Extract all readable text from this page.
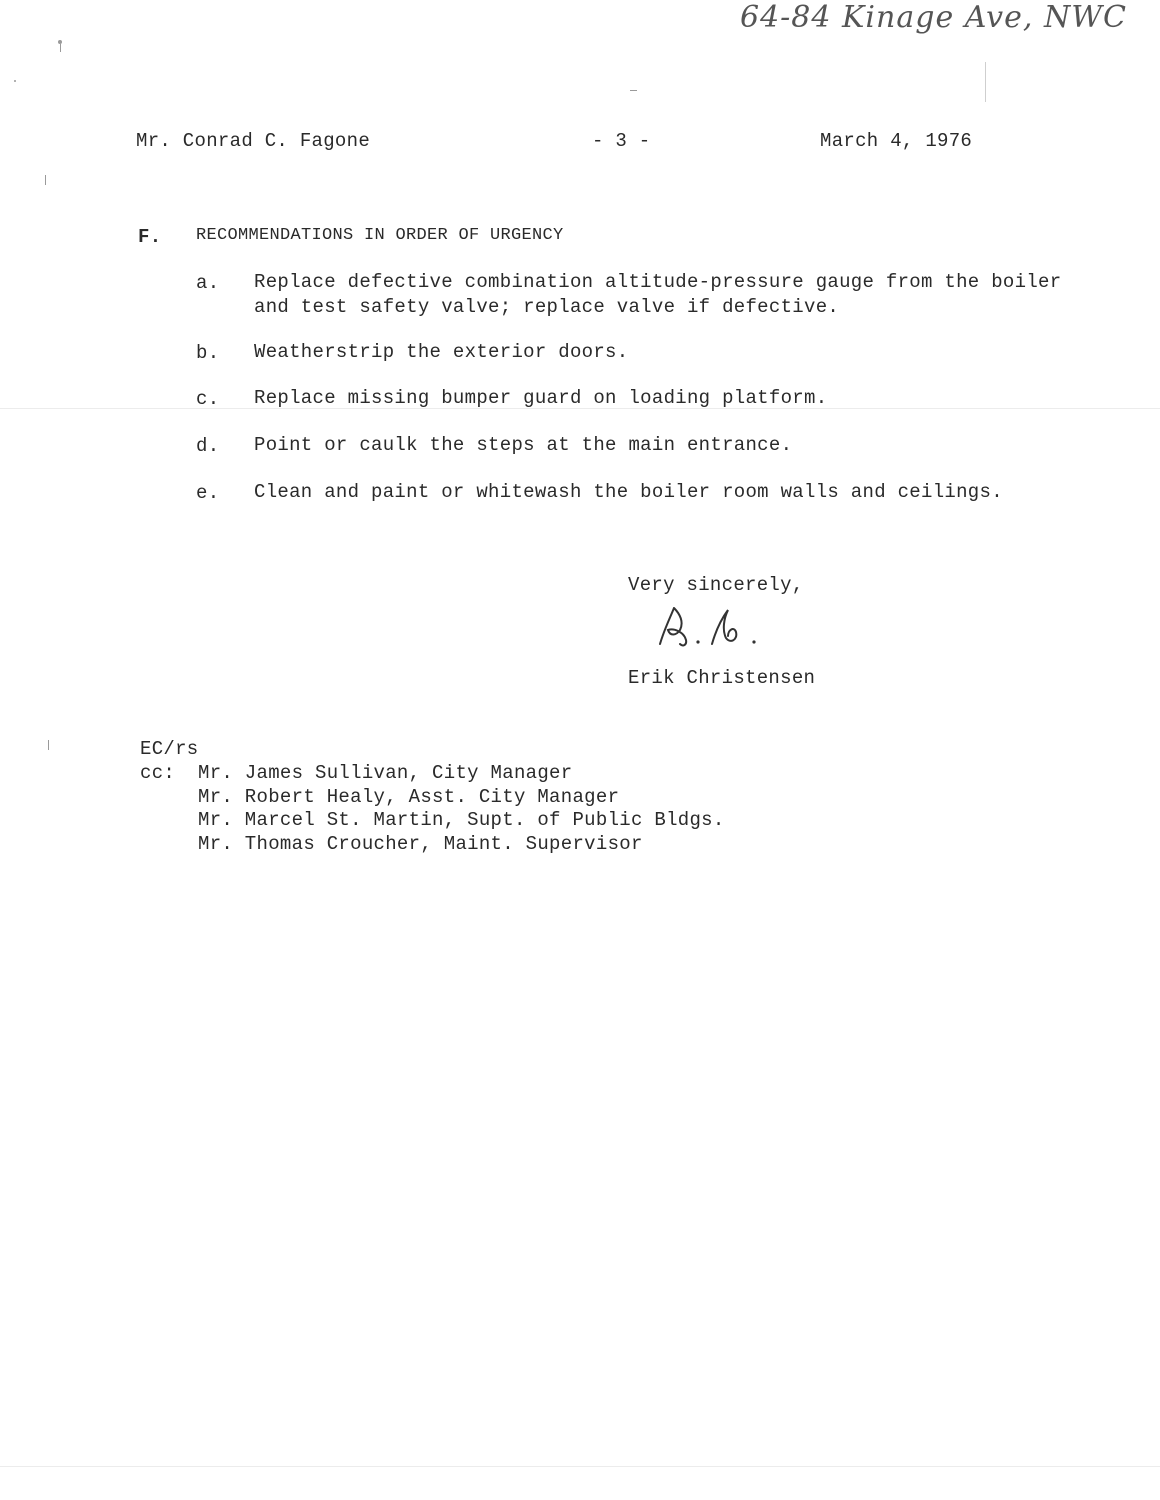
64-84 Kinage Ave, NWC
Mr. Conrad C. Fagone	- 3 -	March 4, 1976
F. RECOMMENDATIONS IN ORDER OF URGENCY
a. Replace defective combination altitude-pressure gauge from the boiler
and test safety valve; replace valve if defective.
b. Weatherstrip the exterior doors.
c. Replace missing bumper guard on loading platform.
d. Point or caulk the steps at the main entrance.
e. Clean and paint or whitewash the boiler room walls and ceilings.
Very sincerely,
Erik Christensen
EC/rs
cc: Mr. James Sullivan, City Manager
Mr. Robert Healy, Asst. City Manager
Mr. Marcel St. Martin, Supt. of Public Bldgs.
Mr. Thomas Croucher, Maint. Supervisor
